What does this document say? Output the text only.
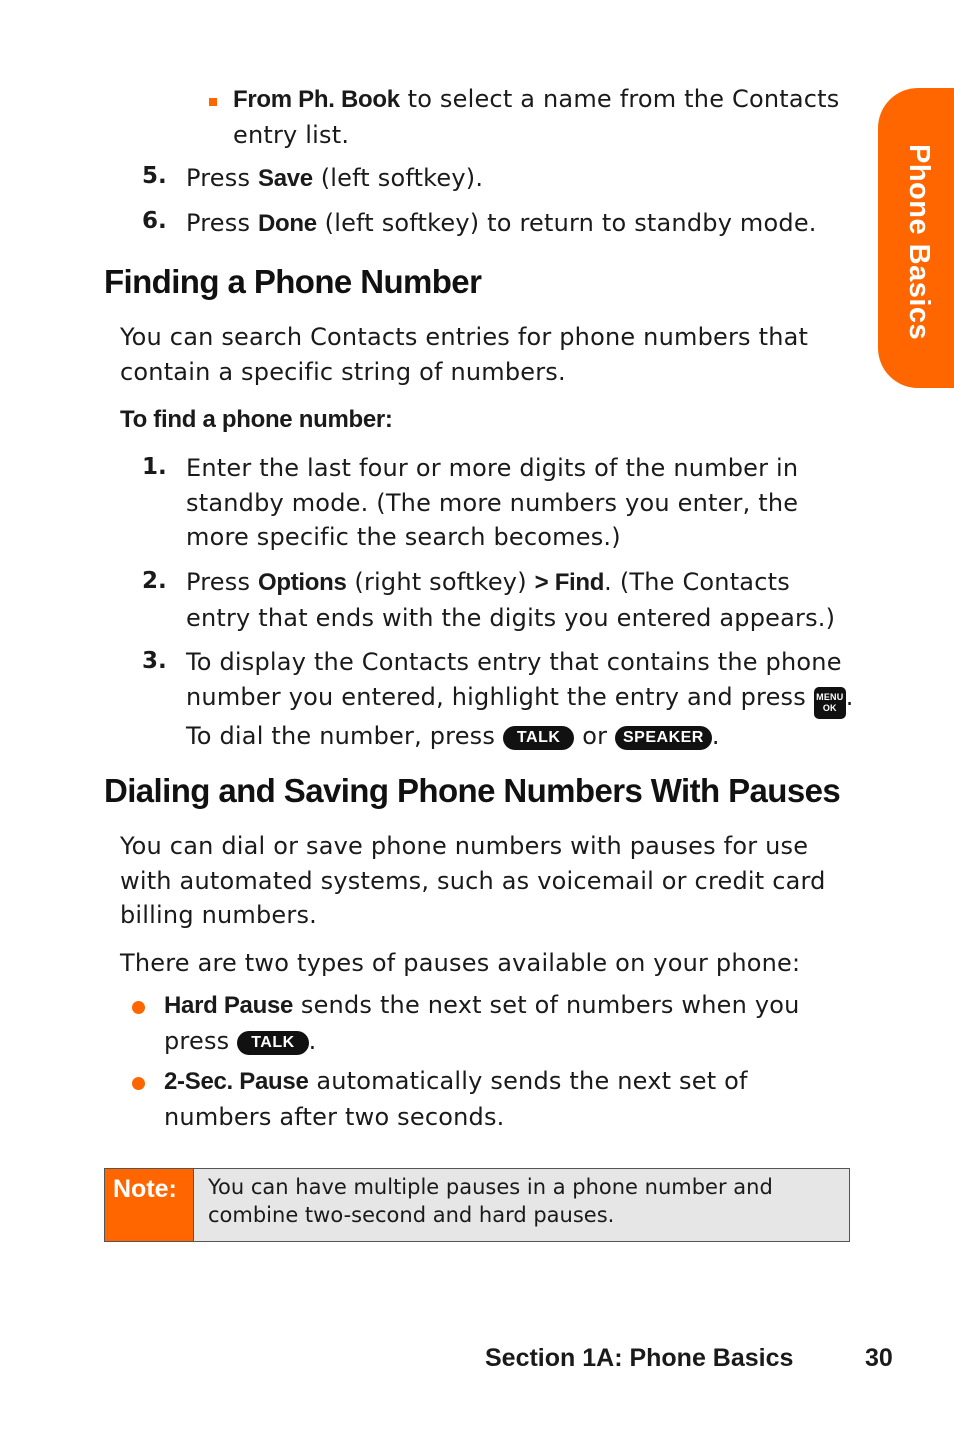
Phone Basics
From Ph. Book to select a name from the Contacts
entry list.
5. Press Save (left softkey).
6. Press Done (left softkey) to return to standby mode.
Finding a Phone Number
You can search Contacts entries for phone numbers that
contain a specific string of numbers.
To find a phone number:
1. Enter the last four or more digits of the number in
standby mode. (The more numbers you enter, the
more specific the search becomes.)
2. Press Options (right softkey) > Find. (The Contacts
entry that ends with the digits you entered appears.)
3. To display the Contacts entry that contains the phone
number you entered, highlight the entry and press MENU
OK .
To dial the number, press TALK or SPEAKER .
Dialing and Saving Phone Numbers With Pauses
You can dial or save phone numbers with pauses for use
with automated systems, such as voicemail or credit card
billing numbers.
There are two types of pauses available on your phone:
Hard Pause sends the next set of numbers when you
press TALK .
2-Sec. Pause automatically sends the next set of
numbers after two seconds.
Note:	You can have multiple pauses in a phone number and
combine two-second and hard pauses.
Section 1A: Phone Basics	30
